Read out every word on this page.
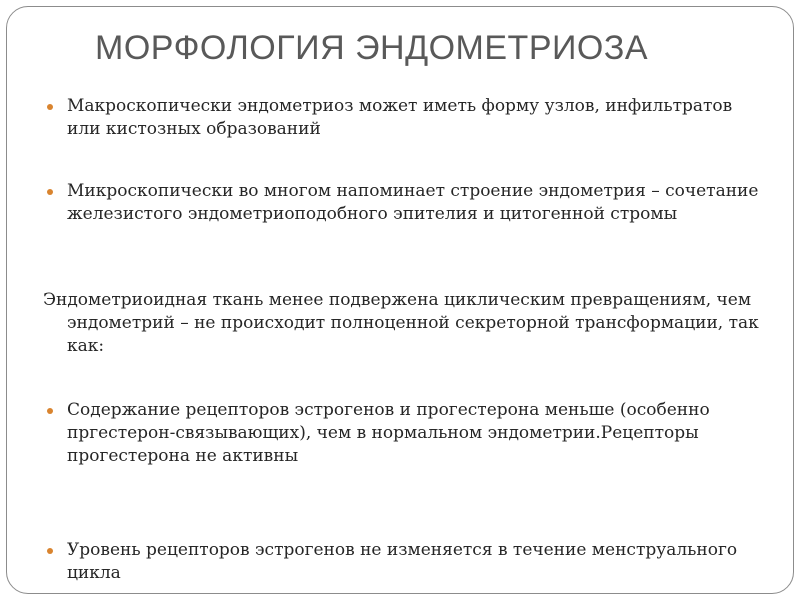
МОРФОЛОГИЯ ЭНДОМЕТРИОЗА
Макроскопически эндометриоз может иметь форму узлов, инфильтратов или кистозных образований
Микроскопически во многом напоминает строение эндометрия – сочетание железистого эндометриоподобного эпителия и цитогенной стромы
Эндометриоидная ткань менее подвержена циклическим превращениям, чем эндометрий – не происходит полноценной секреторной трансформации, так как:
Содержание рецепторов эстрогенов и прогестерона меньше (особенно пргестерон-связывающих), чем в нормальном эндометрии.Рецепторы прогестерона не активны
Уровень рецепторов эстрогенов не изменяется в течение менструального цикла
